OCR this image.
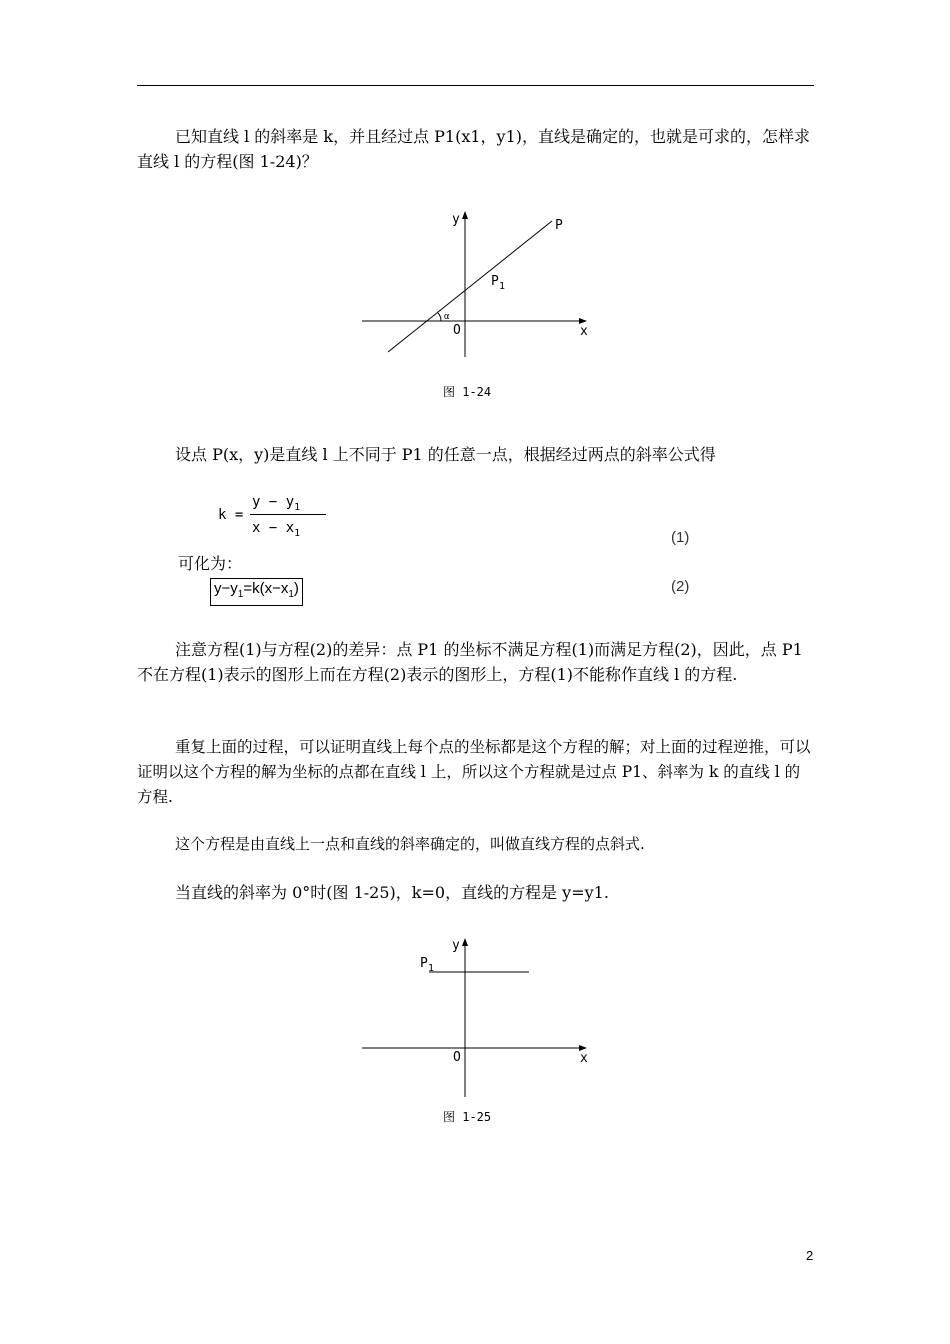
已知直线 l 的斜率是 k，并且经过点 P1(x1，y1)，直线是确定的，也就是可求的，怎样求直线 l 的方程(图 1-24)？

y
x
O
P
P 1
α
图 1-24

设点 P(x，y)是直线 l 上不同于 P1 的任意一点，根据经过两点的斜率公式得

k =
$y - y_1$
$x - x_1$	(1)
可化为：
$y-y_1=k(x-x_1)$	(2)

注意方程(1)与方程(2)的差异：点 P1 的坐标不满足方程(1)而满足方程(2)，因此，点 P1 不在方程(1)表示的图形上而在方程(2)表示的图形上，方程(1)不能称作直线 l 的方程.

重复上面的过程，可以证明直线上每个点的坐标都是这个方程的解；对上面的过程逆推，可以证明以这个方程的解为坐标的点都在直线 l 上，所以这个方程就是过点 P1、斜率为 k 的直线 l 的方程.

这个方程是由直线上一点和直线的斜率确定的，叫做直线方程的点斜式.

当直线的斜率为 0°时(图 1-25)，k=0，直线的方程是 y=y1.

y
x
O
P 1
图 1-25
2
